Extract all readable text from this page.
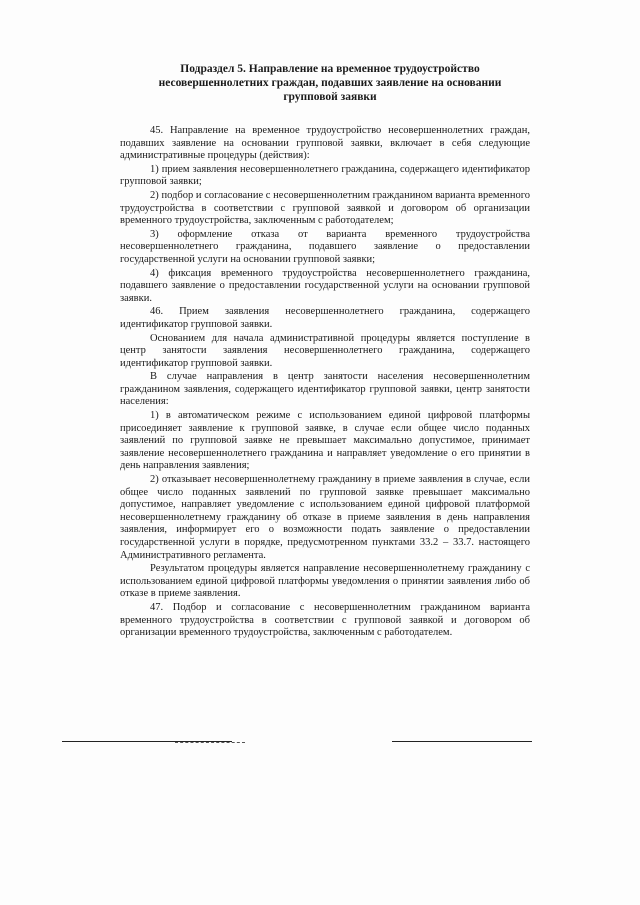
Подраздел 5. Направление на временное трудоустройство
несовершеннолетних граждан, подавших заявление на основании
групповой заявки

45. Направление на временное трудоустройство несовершеннолетних граждан, подавших заявление на основании групповой заявки, включает в себя следующие административные процедуры (действия):

1) прием заявления несовершеннолетнего гражданина, содержащего идентификатор групповой заявки;

2) подбор и согласование с несовершеннолетним гражданином варианта временного трудоустройства в соответствии с групповой заявкой и договором об организации временного трудоустройства, заключенным с работодателем;

3) оформление отказа от варианта временного трудоустройства несовершеннолетнего гражданина, подавшего заявление о предоставлении государственной услуги на основании групповой заявки;

4) фиксация временного трудоустройства несовершеннолетнего гражданина, подавшего заявление о предоставлении государственной услуги на основании групповой заявки.

46. Прием заявления несовершеннолетнего гражданина, содержащего идентификатор групповой заявки.

Основанием для начала административной процедуры является поступление в центр занятости заявления несовершеннолетнего гражданина, содержащего идентификатор групповой заявки.

В случае направления в центр занятости населения несовершеннолетним гражданином заявления, содержащего идентификатор групповой заявки, центр занятости населения:

1) в автоматическом режиме с использованием единой цифровой платформы присоединяет заявление к групповой заявке, в случае если общее число поданных заявлений по групповой заявке не превышает максимально допустимое, принимает заявление несовершеннолетнего гражданина и направляет уведомление о его принятии в день направления заявления;

2) отказывает несовершеннолетнему гражданину в приеме заявления в случае, если общее число поданных заявлений по групповой заявке превышает максимально допустимое, направляет уведомление с использованием единой цифровой платформой несовершеннолетнему гражданину об отказе в приеме заявления в день направления заявления, информирует его о возможности подать заявление о предоставлении государственной услуги в порядке, предусмотренном пунктами 33.2 – 33.7. настоящего Административного регламента.

Результатом процедуры является направление несовершеннолетнему гражданину с использованием единой цифровой платформы уведомления о принятии заявления либо об отказе в приеме заявления.

47. Подбор и согласование с несовершеннолетним гражданином варианта временного трудоустройства в соответствии с групповой заявкой и договором об организации временного трудоустройства, заключенным с работодателем.
